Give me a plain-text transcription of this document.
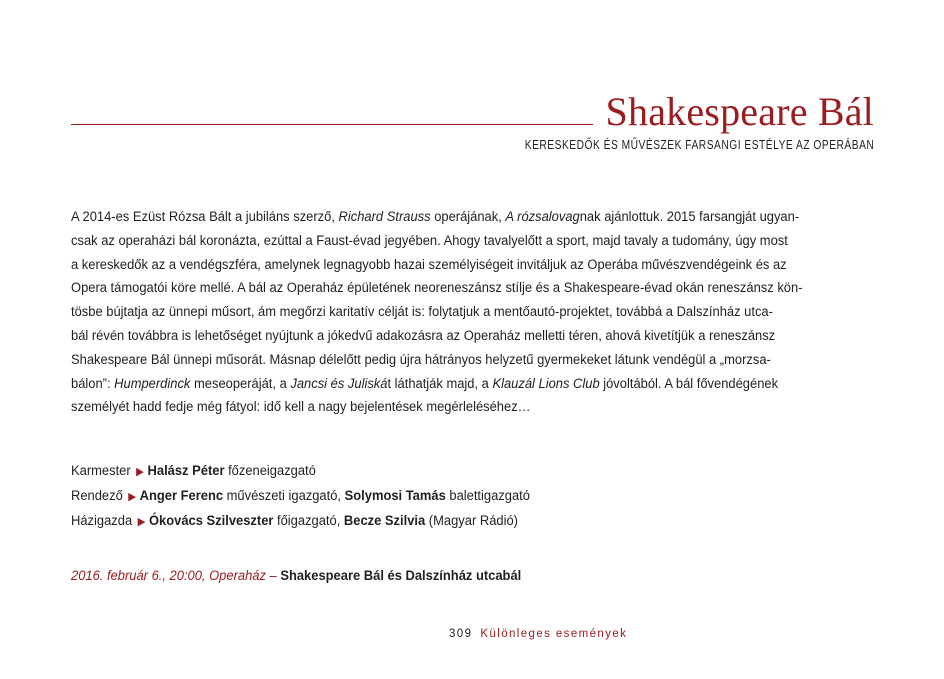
Shakespeare Bál
KERESKEDŐK ÉS MŰVÉSZEK FARSANGI ESTÉLYE AZ OPERÁBAN

A 2014-es Ezüst Rózsa Bált a jubiláns szerző, Richard Strauss operájának, A rózsalovagnak ajánlottuk. 2015 farsangját ugyan-

csak az operaházi bál koronázta, ezúttal a Faust-évad jegyében. Ahogy tavalyelőtt a sport, majd tavaly a tudomány, úgy most

a kereskedők az a vendégszféra, amelynek legnagyobb hazai személyiségeit invitáljuk az Operába művészvendégeink és az

Opera támogatói köre mellé. A bál az Operaház épületének neoreneszánsz stílje és a Shakespeare-évad okán reneszánsz kön-

tösbe bújtatja az ünnepi műsort, ám megőrzi karitatív célját is: folytatjuk a mentőautó-projektet, továbbá a Dalszínház utca-

bál révén továbbra is lehetőséget nyújtunk a jókedvű adakozásra az Operaház melletti téren, ahová kivetítjük a reneszánsz

Shakespeare Bál ünnepi műsorát. Másnap délelőtt pedig újra hátrányos helyzetű gyermekeket látunk vendégül a „morzsa-

bálon”: Humperdinck meseoperáját, a Jancsi és Juliskát láthatják majd, a Klauzál Lions Club jóvoltából. A bál fővendégének

személyét hadd fedje még fátyol: idő kell a nagy bejelentések megérleléséhez…

Karmester ▶ Halász Péter főzeneigazgató
Rendező ▶ Anger Ferenc művészeti igazgató, Solymosi Tamás balettigazgató
Házigazda ▶ Ókovács Szilveszter főigazgató, Becze Szilvia (Magyar Rádió)
2016. február 6., 20:00, Operaház – Shakespeare Bál és Dalszínház utcabál
309 Különleges események
